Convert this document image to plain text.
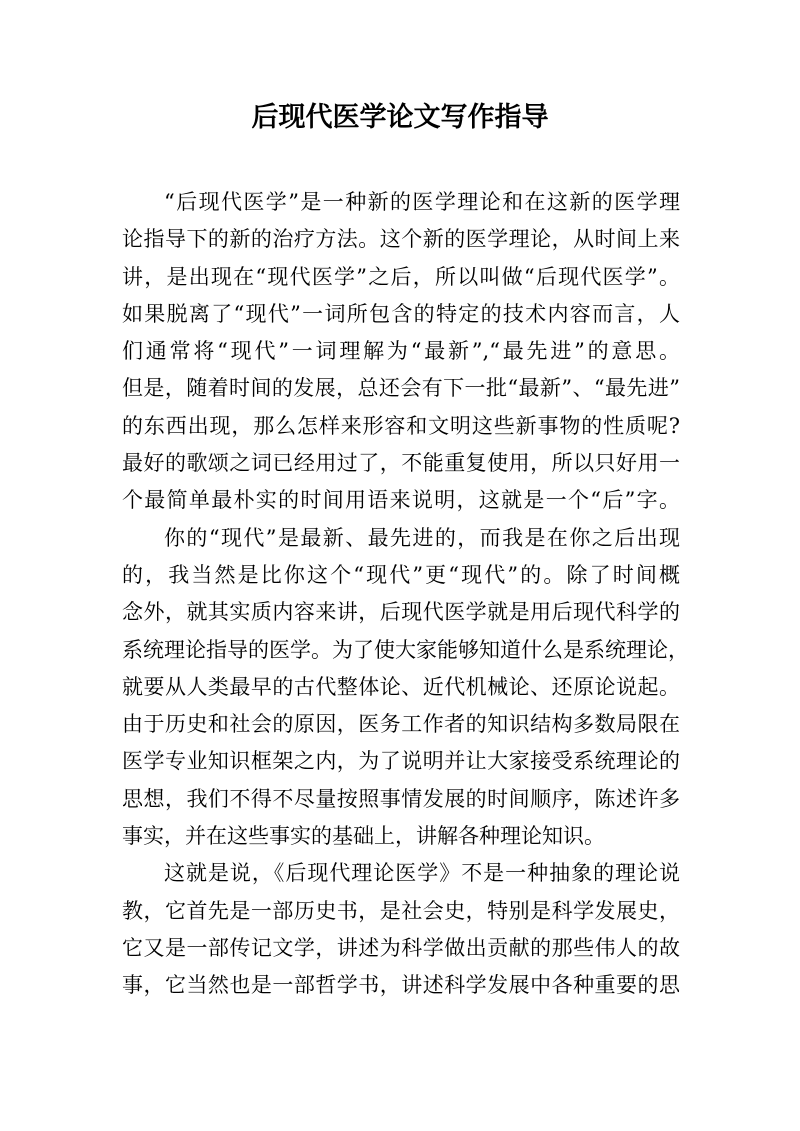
后现代医学论文写作指导

“后现代医学”是一种新的医学理论和在这新的医学理
论指导下的新的治疗方法。这个新的医学理论，从时间上来
讲，是出现在“现代医学”之后，所以叫做“后现代医学”。
如果脱离了“现代”一词所包含的特定的技术内容而言，人
们通常将“现代”一词理解为“最新”,“最先进”的意思。
但是，随着时间的发展，总还会有下一批“最新”、“最先进”
的东西出现，那么怎样来形容和文明这些新事物的性质呢?
最好的歌颂之词已经用过了，不能重复使用，所以只好用一
个最简单最朴实的时间用语来说明，这就是一个“后”字。

你的“现代”是最新、最先进的，而我是在你之后出现
的，我当然是比你这个“现代”更“现代”的。除了时间概
念外，就其实质内容来讲，后现代医学就是用后现代科学的
系统理论指导的医学。为了使大家能够知道什么是系统理论，
就要从人类最早的古代整体论、近代机械论、还原论说起。
由于历史和社会的原因，医务工作者的知识结构多数局限在
医学专业知识框架之内，为了说明并让大家接受系统理论的
思想，我们不得不尽量按照事情发展的时间顺序，陈述许多
事实，并在这些事实的基础上，讲解各种理论知识。

这就是说，《后现代理论医学》不是一种抽象的理论说
教，它首先是一部历史书，是社会史，特别是科学发展史，
它又是一部传记文学，讲述为科学做出贡献的那些伟人的故
事，它当然也是一部哲学书，讲述科学发展中各种重要的思
